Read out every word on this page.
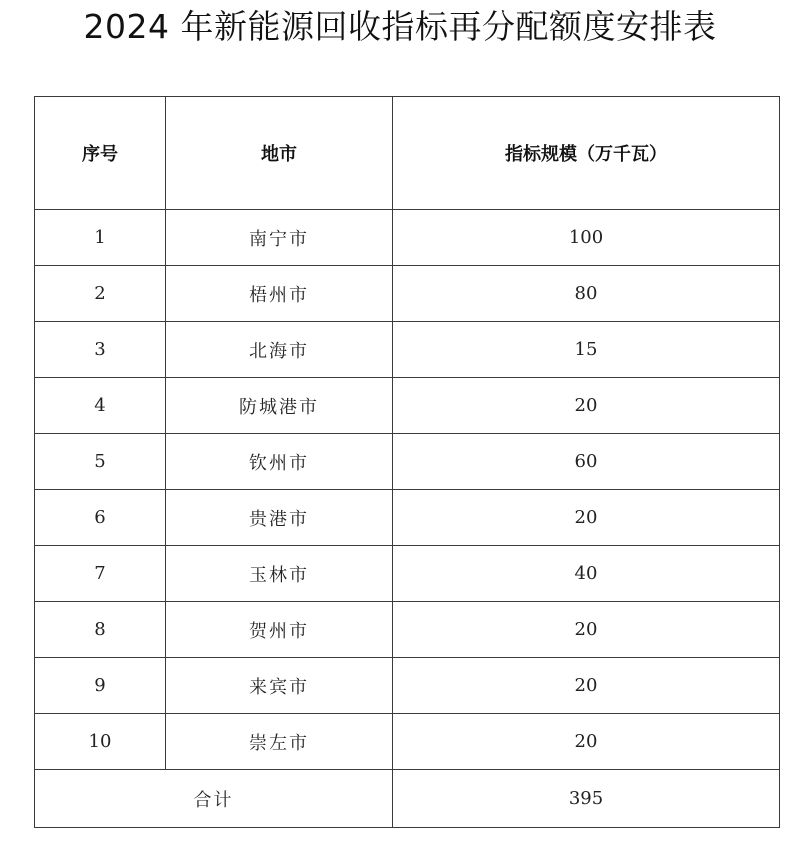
2024 年新能源回收指标再分配额度安排表
序号	地市	指标规模（万千瓦）
1	南宁市	100
2	梧州市	80
3	北海市	15
4	防城港市	20
5	钦州市	60
6	贵港市	20
7	玉林市	40
8	贺州市	20
9	来宾市	20
10	崇左市	20
合计		395
